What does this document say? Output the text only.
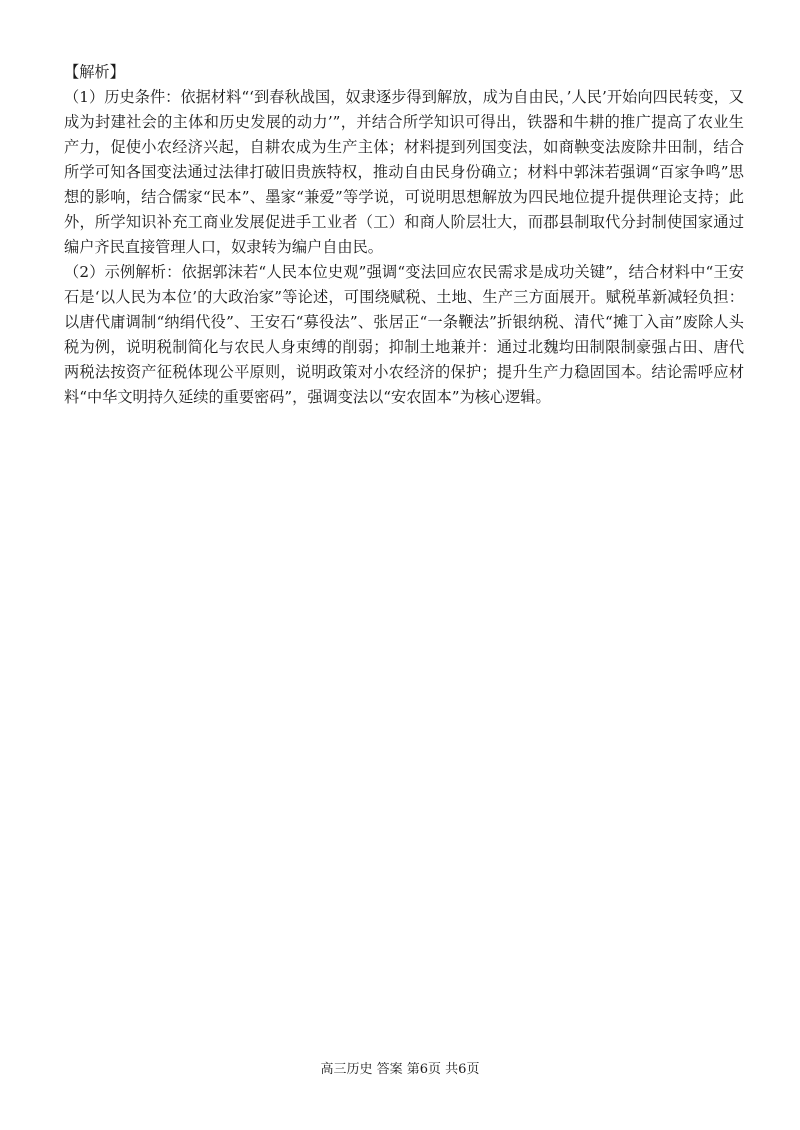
【解析】

（1）历史条件：依据材料“‘到春秋战国，奴隶逐步得到解放，成为自由民，’人民’开始向四民转变，又成为封建社会的主体和历史发展的动力’”，并结合所学知识可得出，铁器和牛耕的推广提高了农业生产力，促使小农经济兴起，自耕农成为生产主体；材料提到列国变法，如商鞅变法废除井田制，结合所学可知各国变法通过法律打破旧贵族特权，推动自由民身份确立；材料中郭沫若强调“百家争鸣”思想的影响，结合儒家“民本”、墨家“兼爱”等学说，可说明思想解放为四民地位提升提供理论支持；此外，所学知识补充工商业发展促进手工业者（工）和商人阶层壮大，而郡县制取代分封制使国家通过编户齐民直接管理人口，奴隶转为编户自由民。

（2）示例解析：依据郭沫若“人民本位史观”强调“变法回应农民需求是成功关键”，结合材料中“王安石是‘以人民为本位’的大政治家”等论述，可围绕赋税、土地、生产三方面展开。赋税革新减轻负担：以唐代庸调制“纳绢代役”、王安石“募役法”、张居正“一条鞭法”折银纳税、清代“摊丁入亩”废除人头税为例，说明税制简化与农民人身束缚的削弱；抑制土地兼并：通过北魏均田制限制豪强占田、唐代两税法按资产征税体现公平原则，说明政策对小农经济的保护；提升生产力稳固国本。结论需呼应材料“中华文明持久延续的重要密码”，强调变法以“安农固本”为核心逻辑。

高三历史 答案 第6页 共6页
